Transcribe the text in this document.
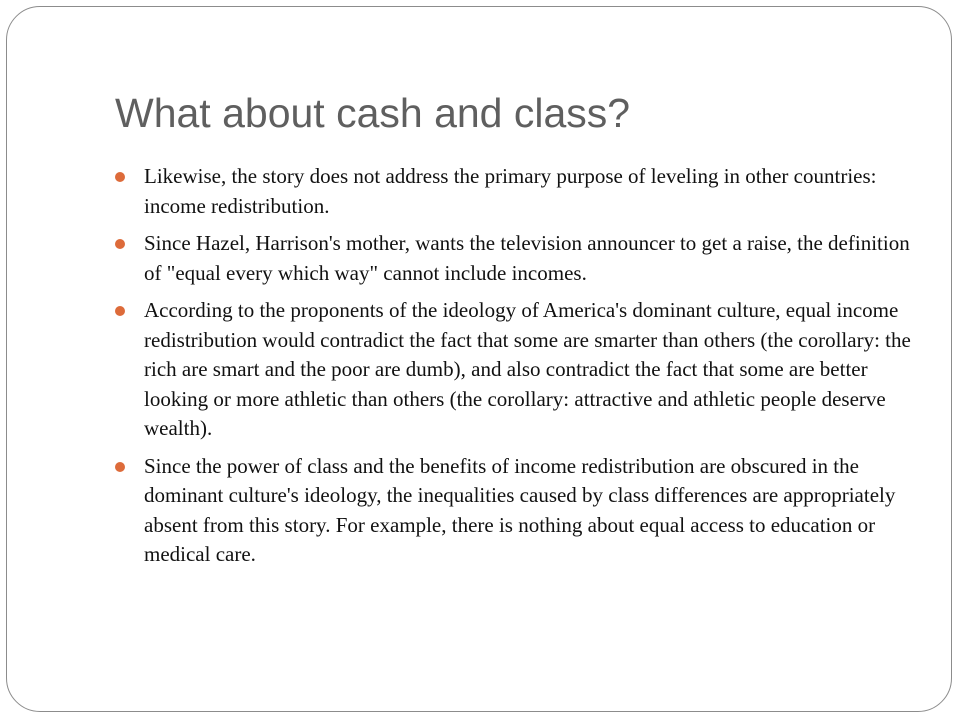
What about cash and class?
Likewise, the story does not address the primary purpose of leveling in other countries: income redistribution.
Since Hazel, Harrison's mother, wants the television announcer to get a raise, the definition of "equal every which way" cannot include incomes.
According to the proponents of the ideology of America's dominant culture, equal income redistribution would contradict the fact that some are smarter than others (the corollary: the rich are smart and the poor are dumb), and also contradict the fact that some are better looking or more athletic than others (the corollary: attractive and athletic people deserve wealth).
Since the power of class and the benefits of income redistribution are obscured in the dominant culture's ideology, the inequalities caused by class differences are appropriately absent from this story. For example, there is nothing about equal access to education or medical care.
